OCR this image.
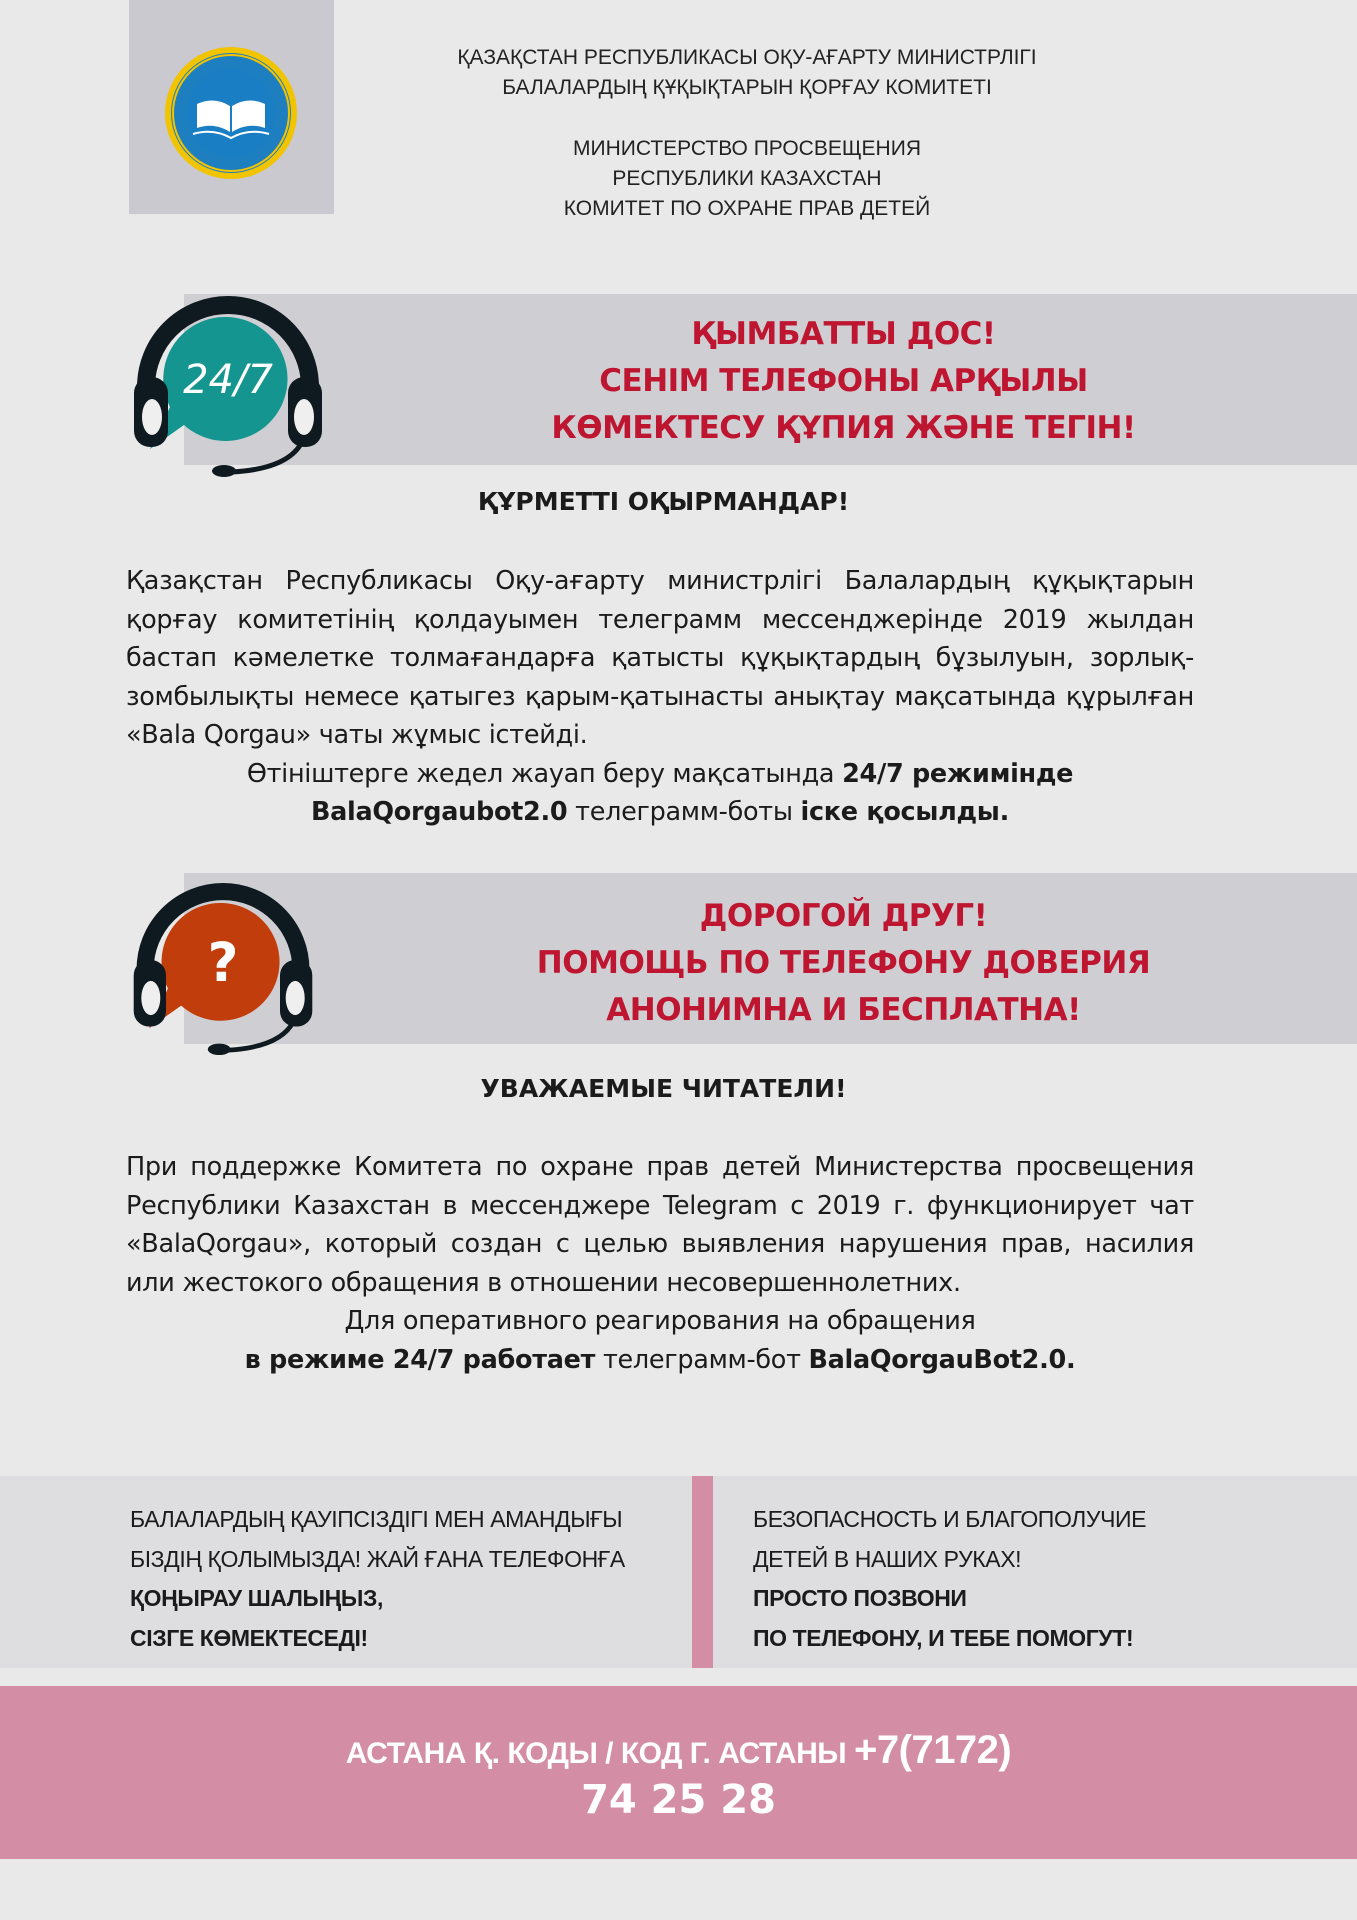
ҚАЗАҚСТАН РЕСПУБЛИКАСЫ ОҚУ-АҒАРТУ МИНИСТРЛІГІ
БАЛАЛАРДЫҢ ҚҰҚЫҚТАРЫН ҚОРҒАУ КОМИТЕТІ
МИНИСТЕРСТВО ПРОСВЕЩЕНИЯ
РЕСПУБЛИКИ КАЗАХСТАН
КОМИТЕТ ПО ОХРАНЕ ПРАВ ДЕТЕЙ
24/7
ҚЫМБАТТЫ ДОС!
СЕНІМ ТЕЛЕФОНЫ АРҚЫЛЫ
КӨМЕКТЕСУ ҚҰПИЯ ЖӘНЕ ТЕГІН!
ҚҰРМЕТТІ ОҚЫРМАНДАР!

Қазақстан Республикасы Оқу-ағарту министрлігі Балалардың құқықтарын қорғау комитетінің қолдауымен телеграмм мессенджерінде 2019 жылдан бастап кәмелетке толмағандарға қатысты құқықтардың бұзылуын, зорлық-зомбылықты немесе қатыгез қарым-қатынасты анықтау мақсатында құрылған «Bala Qorgau» чаты жұмыс істейді.

Өтініштерге жедел жауап беру мақсатында 24/7 режимінде

BalaQorgaubot2.0 телеграмм-боты іске қосылды.

?
ДОРОГОЙ ДРУГ!
ПОМОЩЬ ПО ТЕЛЕФОНУ ДОВЕРИЯ
АНОНИМНА И БЕСПЛАТНА!
УВАЖАЕМЫЕ ЧИТАТЕЛИ!

При поддержке Комитета по охране прав детей Министерства просвещения Республики Казахстан в мессенджере Telegram с 2019 г. функционирует чат «BalaQorgau», который создан с целью выявления нарушения прав, насилия или жестокого обращения в отношении несовершеннолетних.

Для оперативного реагирования на обращения

в режиме 24/7 работает телеграмм-бот BalaQorgauBot2.0.

БАЛАЛАРДЫҢ ҚАУІПСІЗДІГІ МЕН АМАНДЫҒЫ
БІЗДІҢ ҚОЛЫМЫЗДА! ЖАЙ ҒАНА ТЕЛЕФОНҒА
ҚОҢЫРАУ ШАЛЫҢЫЗ,
СІЗГЕ КӨМЕКТЕСЕДІ!
БЕЗОПАСНОСТЬ И БЛАГОПОЛУЧИЕ
ДЕТЕЙ В НАШИХ РУКАХ!
ПРОСТО ПОЗВОНИ
ПО ТЕЛЕФОНУ, И ТЕБЕ ПОМОГУТ!
АСТАНА Қ. КОДЫ / КОД Г. АСТАНЫ +7(7172)
74 25 28
